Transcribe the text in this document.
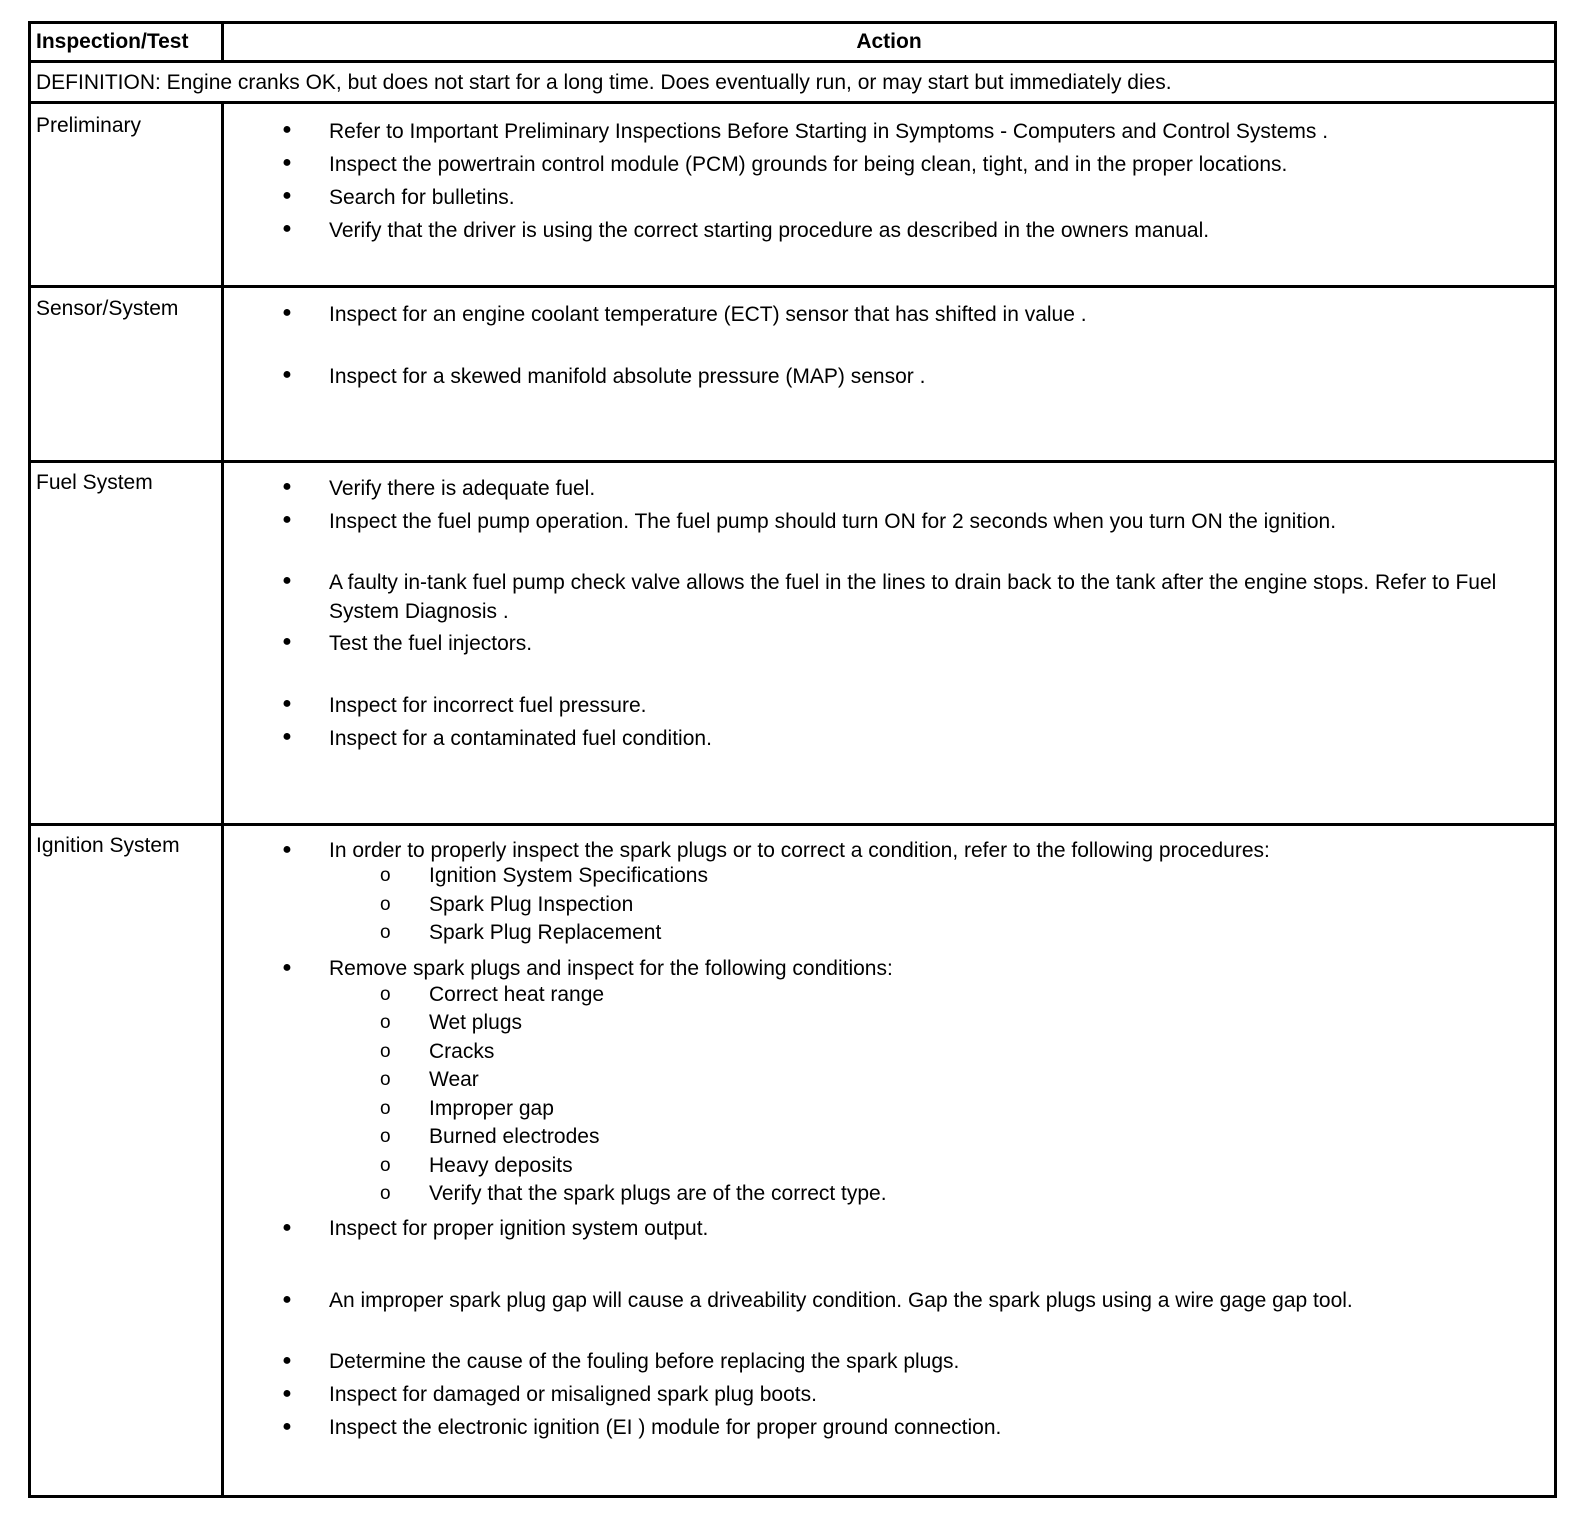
Inspection/Test	Action
DEFINITION: Engine cranks OK, but does not start for a long time. Does eventually run, or may start but immediately dies.
Preliminary	● Refer to Important Preliminary Inspections Before Starting in Symptoms - Computers and Control Systems .
● Inspect the powertrain control module (PCM) grounds for being clean, tight, and in the proper locations.
● Search for bulletins.
● Verify that the driver is using the correct starting procedure as described in the owners manual.
Sensor/System	● Inspect for an engine coolant temperature (ECT) sensor that has shifted in value .
● Inspect for a skewed manifold absolute pressure (MAP) sensor .
Fuel System	● Verify there is adequate fuel.
● Inspect the fuel pump operation. The fuel pump should turn ON for 2 seconds when you turn ON the ignition.
● A faulty in-tank fuel pump check valve allows the fuel in the lines to drain back to the tank after the engine stops. Refer to Fuel System Diagnosis .
● Test the fuel injectors.
● Inspect for incorrect fuel pressure.
● Inspect for a contaminated fuel condition.
Ignition System	● In order to properly inspect the spark plugs or to correct a condition, refer to the following procedures:
o Ignition System Specifications
o Spark Plug Inspection
o Spark Plug Replacement
● Remove spark plugs and inspect for the following conditions:
o Correct heat range
o Wet plugs
o Cracks
o Wear
o Improper gap
o Burned electrodes
o Heavy deposits
o Verify that the spark plugs are of the correct type.
● Inspect for proper ignition system output.
● An improper spark plug gap will cause a driveability condition. Gap the spark plugs using a wire gage gap tool.
● Determine the cause of the fouling before replacing the spark plugs.
● Inspect for damaged or misaligned spark plug boots.
● Inspect the electronic ignition (EI ) module for proper ground connection.
